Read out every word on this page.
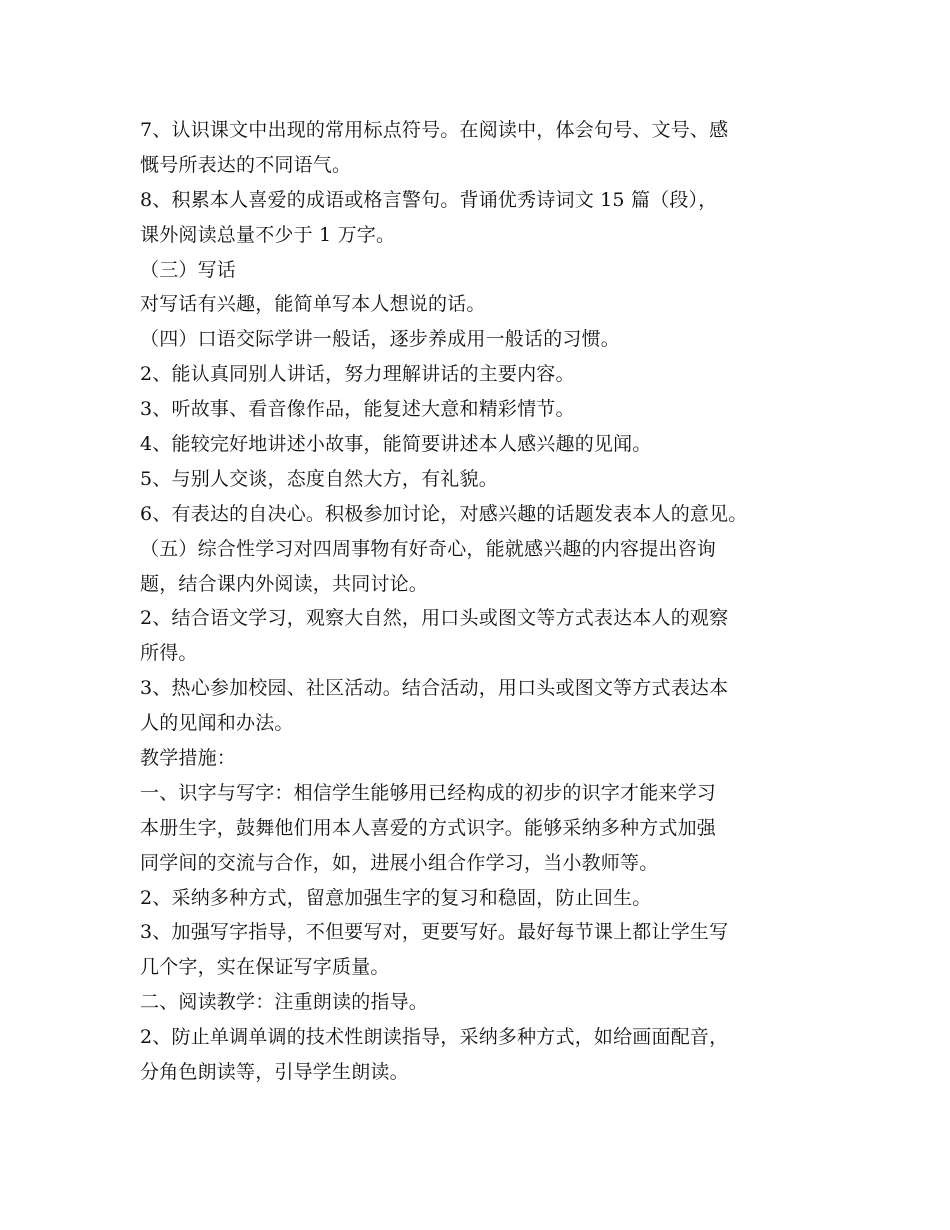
7、认识课文中出现的常用标点符号。在阅读中，体会句号、文号、感
慨号所表达的不同语气。
8、积累本人喜爱的成语或格言警句。背诵优秀诗词文 15 篇（段），
课外阅读总量不少于 1 万字。
（三）写话
对写话有兴趣，能简单写本人想说的话。
（四）口语交际学讲一般话，逐步养成用一般话的习惯。
2、能认真同别人讲话，努力理解讲话的主要内容。
3、听故事、看音像作品，能复述大意和精彩情节。
4、能较完好地讲述小故事，能简要讲述本人感兴趣的见闻。
5、与别人交谈，态度自然大方，有礼貌。
6、有表达的自决心。积极参加讨论，对感兴趣的话题发表本人的意见。
（五）综合性学习对四周事物有好奇心，能就感兴趣的内容提出咨询
题，结合课内外阅读，共同讨论。
2、结合语文学习，观察大自然，用口头或图文等方式表达本人的观察
所得。
3、热心参加校园、社区活动。结合活动，用口头或图文等方式表达本
人的见闻和办法。
教学措施：
一、识字与写字：相信学生能够用已经构成的初步的识字才能来学习
本册生字，鼓舞他们用本人喜爱的方式识字。能够采纳多种方式加强
同学间的交流与合作，如，进展小组合作学习，当小教师等。
2、采纳多种方式，留意加强生字的复习和稳固，防止回生。
3、加强写字指导，不但要写对，更要写好。最好每节课上都让学生写
几个字，实在保证写字质量。
二、阅读教学：注重朗读的指导。
2、防止单调单调的技术性朗读指导，采纳多种方式，如给画面配音，
分角色朗读等，引导学生朗读。
